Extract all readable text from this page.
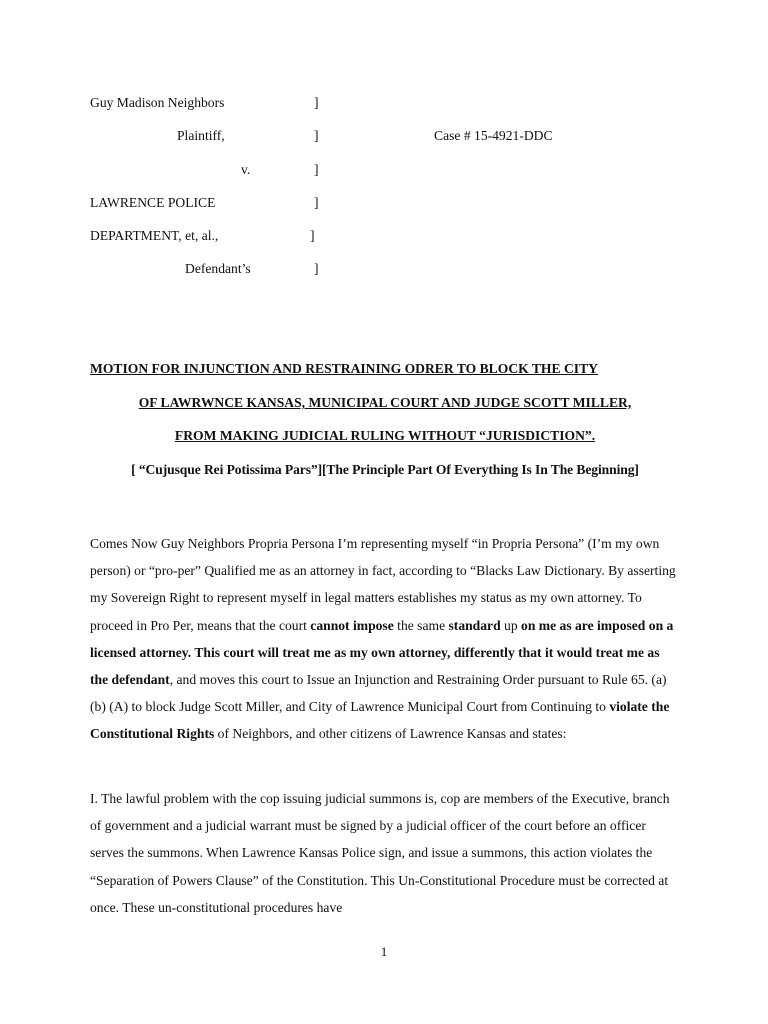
Guy Madison Neighbors	]
Plaintiff,	]	Case # 15-4921-DDC
v.	]
LAWRENCE POLICE	]
DEPARTMENT, et, al.,	]
Defendant’s	]
MOTION FOR INJUNCTION AND RESTRAINING ODRER TO BLOCK THE CITY
OF LAWRWNCE KANSAS, MUNICIPAL COURT AND JUDGE SCOTT MILLER,
FROM MAKING JUDICIAL RULING WITHOUT “JURISDICTION”.
[ “Cujusque Rei Potissima Pars”][The Principle Part Of Everything Is In The Beginning]
Comes Now Guy Neighbors Propria Persona I’m representing myself “in Propria Persona” (I’m my own person) or “pro-per” Qualified me as an attorney in fact, according to “Blacks Law Dictionary. By asserting my Sovereign Right to represent myself in legal matters establishes my status as my own attorney. To proceed in Pro Per, means that the court cannot impose the same standard up on me as are imposed on a licensed attorney. This court will treat me as my own attorney, differently that it would treat me as the defendant, and moves this court to Issue an Injunction and Restraining Order pursuant to Rule 65. (a) (b) (A) to block Judge Scott Miller, and City of Lawrence Municipal Court from Continuing to violate the Constitutional Rights of Neighbors, and other citizens of Lawrence Kansas and states:
I. The lawful problem with the cop issuing judicial summons is, cop are members of the Executive, branch of government and a judicial warrant must be signed by a judicial officer of the court before an officer serves the summons. When Lawrence Kansas Police sign, and issue a summons, this action violates the “Separation of Powers Clause” of the Constitution. This Un-Constitutional Procedure must be corrected at once. These un-constitutional procedures have
1
